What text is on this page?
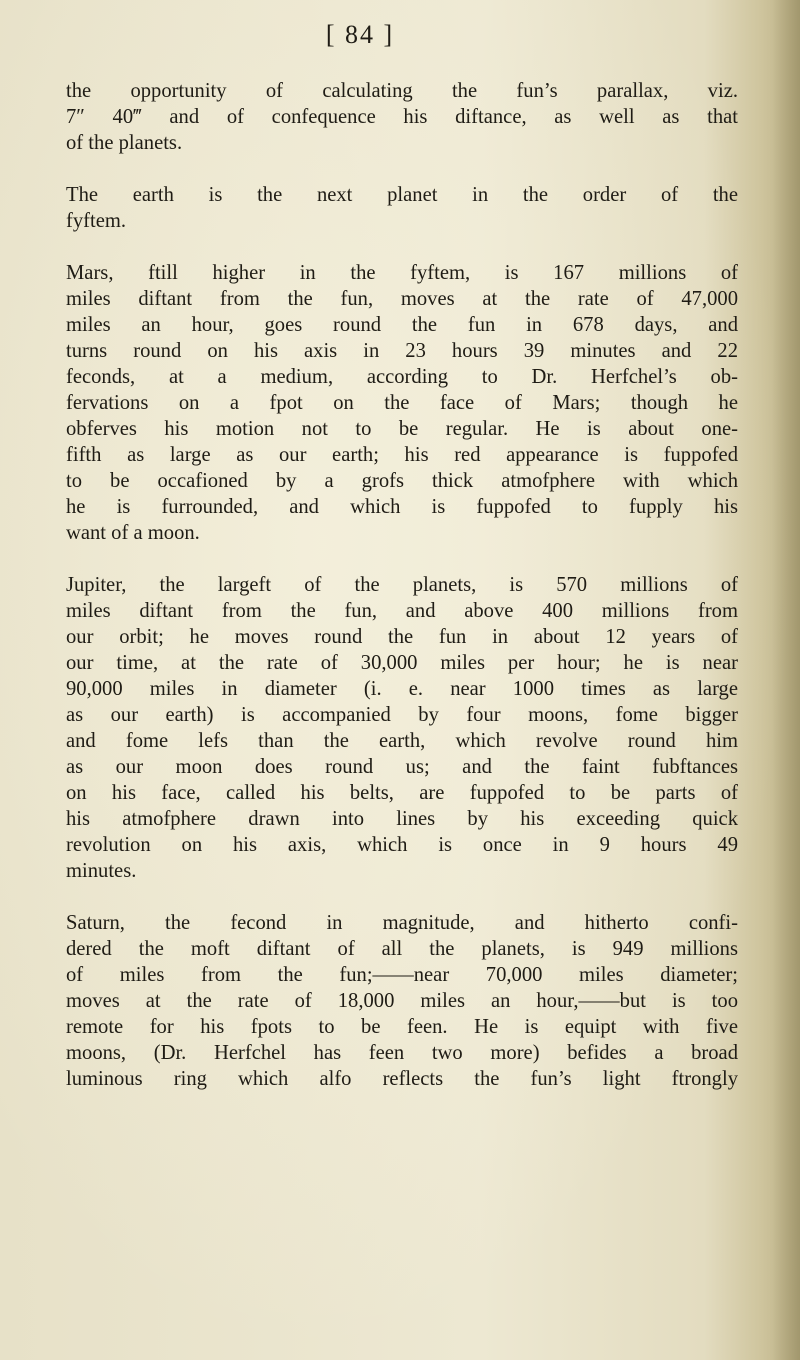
[ 84 ]

the opportunity of calculating the fun’s parallax, viz.
7″ 40‴ and of confequence his diftance, as well as that
of the planets.

The earth is the next planet in the order of the
fyftem.

Mars, ftill higher in the fyftem, is 167 millions of
miles diftant from the fun, moves at the rate of 47,000
miles an hour, goes round the fun in 678 days, and
turns round on his axis in 23 hours 39 minutes and 22
feconds, at a medium, according to Dr. Herfchel’s ob-
fervations on a fpot on the face of Mars; though he
obferves his motion not to be regular. He is about one-
fifth as large as our earth; his red appearance is fuppofed
to be occafioned by a grofs thick atmofphere with which
he is furrounded, and which is fuppofed to fupply his
want of a moon.

Jupiter, the largeft of the planets, is 570 millions of
miles diftant from the fun, and above 400 millions from
our orbit; he moves round the fun in about 12 years of
our time, at the rate of 30,000 miles per hour; he is near
90,000 miles in diameter (i. e. near 1000 times as large
as our earth) is accompanied by four moons, fome bigger
and fome lefs than the earth, which revolve round him
as our moon does round us; and the faint fubftances
on his face, called his belts, are fuppofed to be parts of
his atmofphere drawn into lines by his exceeding quick
revolution on his axis, which is once in 9 hours 49
minutes.

Saturn, the fecond in magnitude, and hitherto confi-
dered the moft diftant of all the planets, is 949 millions
of miles from the fun;——near 70,000 miles diameter;
moves at the rate of 18,000 miles an hour,——but is too
remote for his fpots to be feen. He is equipt with five
moons, (Dr. Herfchel has feen two more) befides a broad
luminous ring which alfo reflects the fun’s light ftrongly
